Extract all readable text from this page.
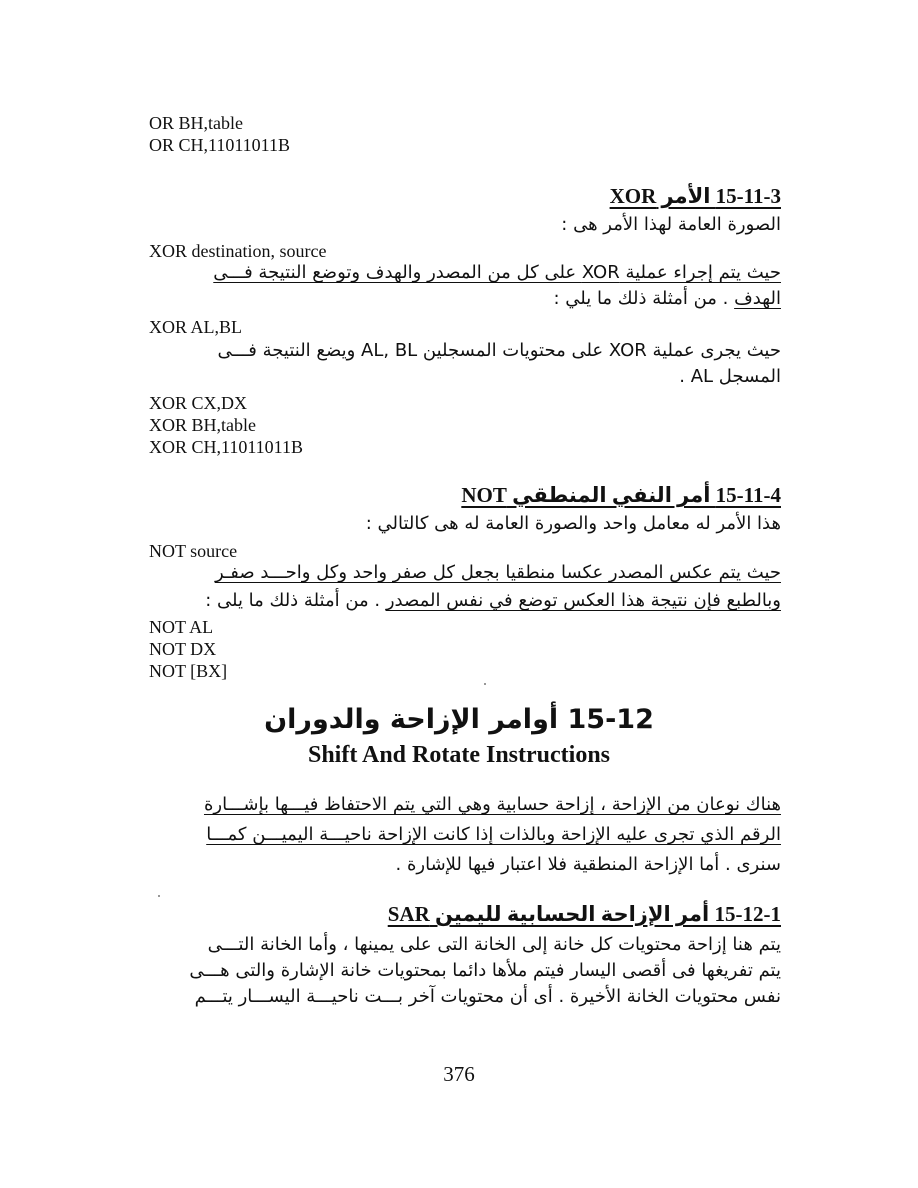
OR BH,table
OR CH,11011011B
15-11-3 الأمر XOR
الصورة العامة لهذا الأمر هى :
XOR destination, source
حيث يتم إجراء عملية XOR على كل من المصدر والهدف وتوضع النتيجة فـــى
الهدف . من أمثلة ذلك ما يلي :
XOR AL,BL
حيث يجرى عملية XOR على محتويات المسجلين AL, BL ويضع النتيجة فـــى
المسجل AL .
XOR CX,DX
XOR BH,table
XOR CH,11011011B
15-11-4 أمر النفي المنطقي NOT
هذا الأمر له معامل واحد والصورة العامة له هى كالتالي :
NOT source
حيث يتم عكس المصدر عكسا منطقيا بجعل كل صفر واحد وكل واحـــد صفـر
وبالطبع فإن نتيجة هذا العكس توضع في نفس المصدر . من أمثلة ذلك ما يلى :
NOT AL
NOT DX
NOT [BX]
15-12 أوامر الإزاحة والدوران
Shift And Rotate Instructions
هناك نوعان من الإزاحة ، إزاحة حسابية وهي التي يتم الاحتفاظ فيـــها بإشـــارة
الرقم الذي تجرى عليه الإزاحة وبالذات إذا كانت الإزاحة ناحيـــة اليميـــن كمـــا
سنرى . أما الإزاحة المنطقية فلا اعتبار فيها للإشارة .
15-12-1 أمر الإزاحة الحسابية لليمين SAR
يتم هنا إزاحة محتويات كل خانة إلى الخانة التى على يمينها ، وأما الخانة التـــى
يتم تفريغها فى أقصى اليسار فيتم ملأها دائما بمحتويات خانة الإشارة والتى هـــى
نفس محتويات الخانة الأخيرة . أى أن محتويات آخر بـــت ناحيـــة اليســـار يتـــم
376
